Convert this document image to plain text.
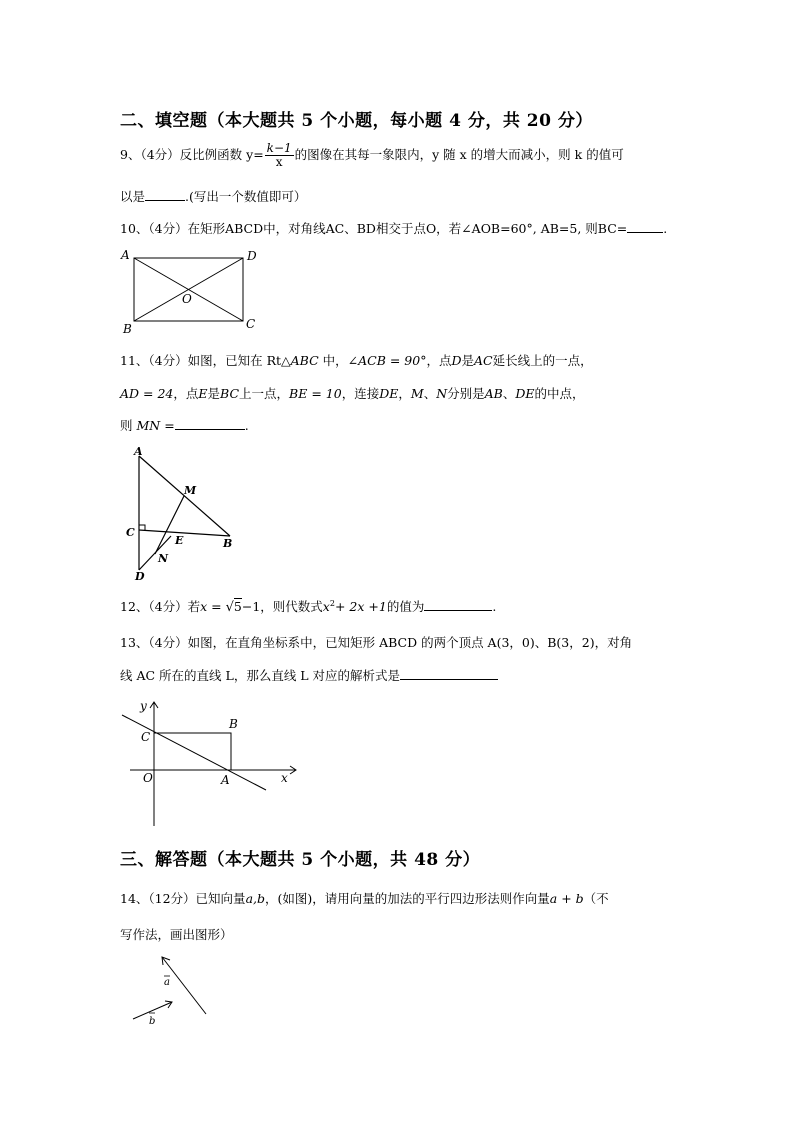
二、填空题（本大题共 5 个小题，每小题 4 分，共 20 分）
9、（4分）反比例函数 $y= \frac{k-1}{x}$ 的图像在其每一象限内，y 随 x 的增大而减小，则 k 的值可
以是	.(写出一个数值即可）
10、（4分）在矩形ABCD中，对角线AC、BD相交于点O，若∠AOB=60°, AB=5, 则BC=	.
A	D
O
B	C
A
M
C
E	B
N
D
y
x
O	A
B
C
a
b
11、（4分）如图，已知在 Rt△ABC 中，∠ACB = 90°，点D是AC延长线上的一点，
AD = 24，点E是BC上一点，BE = 10，连接DE，M、N分别是AB、DE的中点，
则 MN =	.
12、（4分）若x = √5−1，则代数式$x^2+ 2x +1$的值为	.
13、（4分）如图，在直角坐标系中，已知矩形 ABCD 的两个顶点 A(3，0)、B(3，2)，对角
线 AC 所在的直线 L，那么直线 L 对应的解析式是
三、解答题（本大题共 5 个小题，共 48 分）
14、（12分）已知向量a,b，(如图)，请用向量的加法的平行四边形法则作向量a + b（不
写作法，画出图形）
